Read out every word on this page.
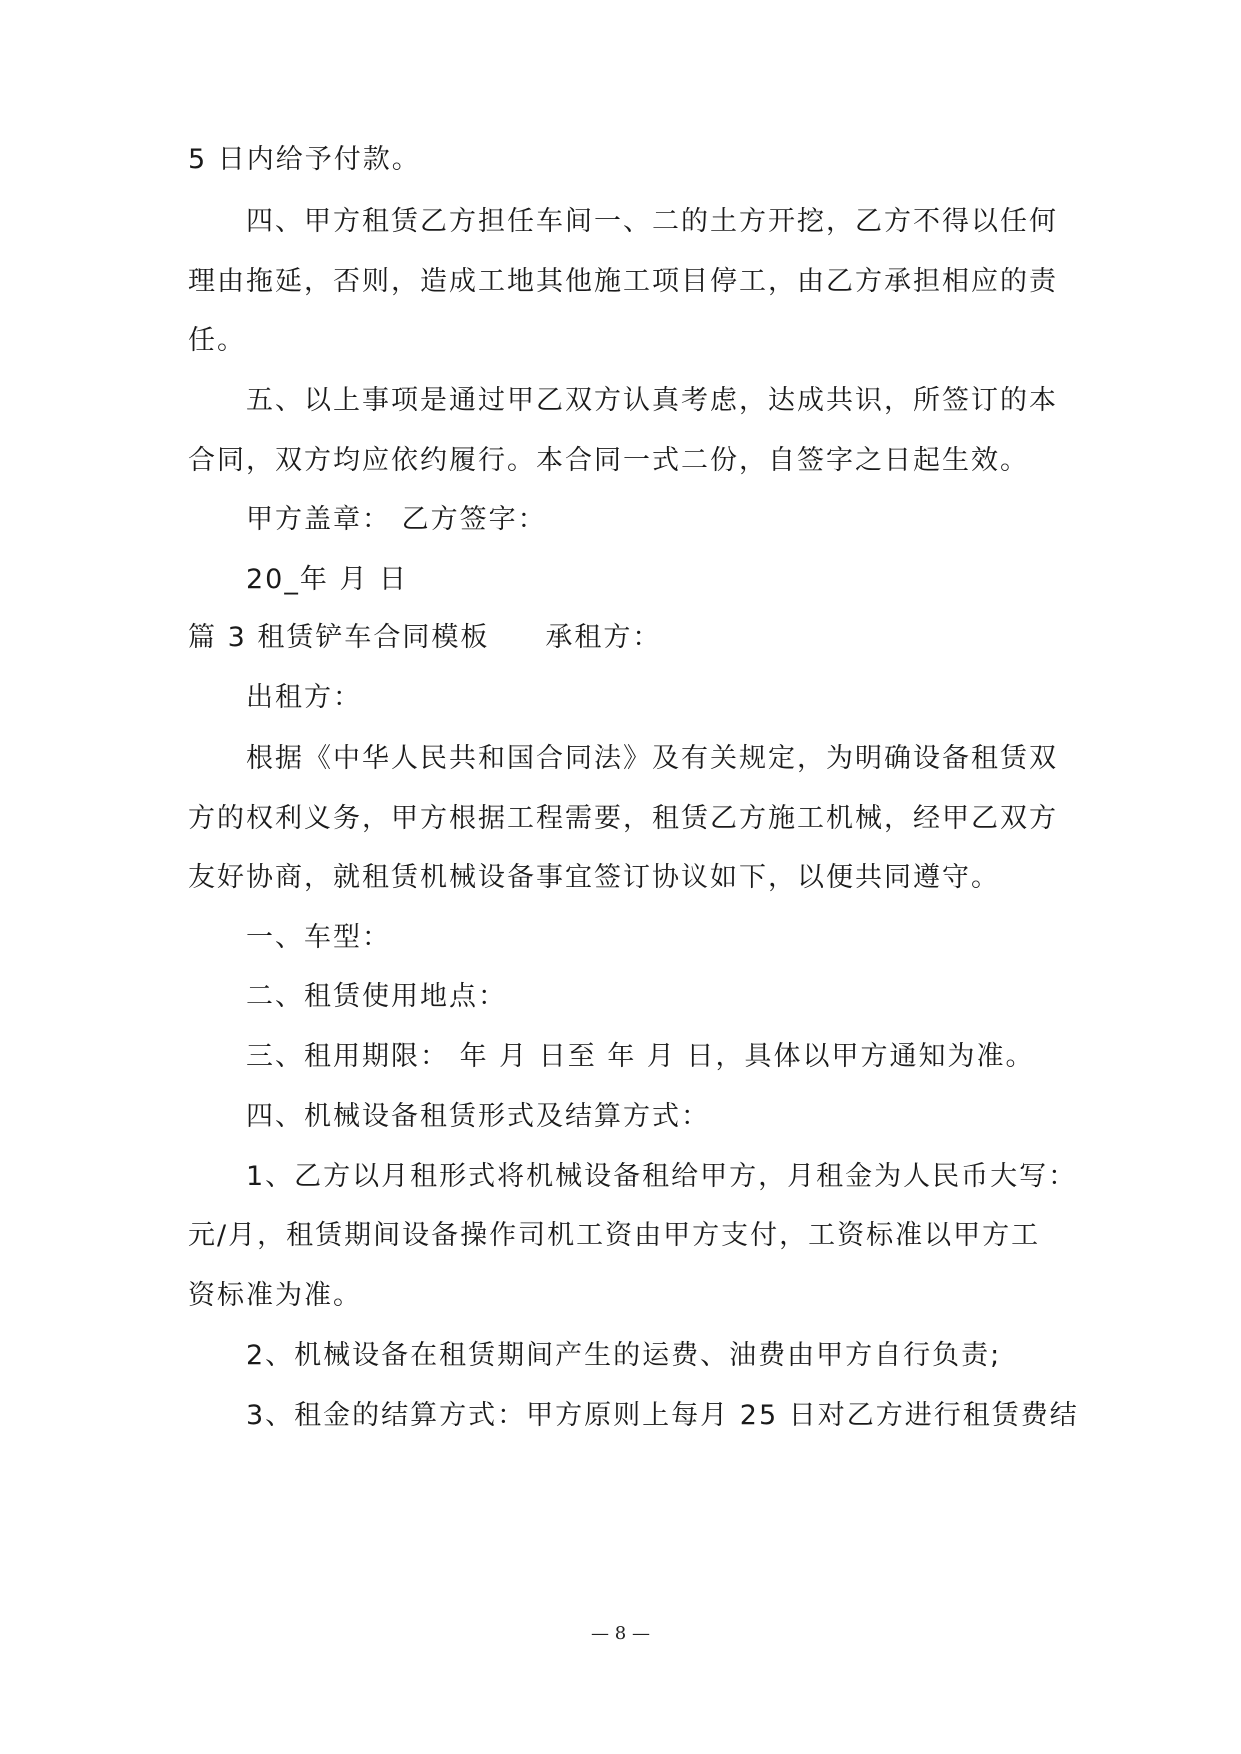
5 日内给予付款。
四、甲方租赁乙方担任车间一、二的土方开挖，乙方不得以任何
理由拖延，否则，造成工地其他施工项目停工，由乙方承担相应的责
任。
五、以上事项是通过甲乙双方认真考虑，达成共识，所签订的本
合同，双方均应依约履行。本合同一式二份，自签字之日起生效。
甲方盖章： 乙方签字：
20_年 月 日
篇 3 租赁铲车合同模板 承租方：
出租方：
根据《中华人民共和国合同法》及有关规定，为明确设备租赁双
方的权利义务，甲方根据工程需要，租赁乙方施工机械，经甲乙双方
友好协商，就租赁机械设备事宜签订协议如下，以便共同遵守。
一、车型：
二、租赁使用地点：
三、租用期限： 年 月 日至 年 月 日，具体以甲方通知为准。
四、机械设备租赁形式及结算方式：
1、乙方以月租形式将机械设备租给甲方，月租金为人民币大写：
元/月，租赁期间设备操作司机工资由甲方支付，工资标准以甲方工
资标准为准。
2、机械设备在租赁期间产生的运费、油费由甲方自行负责;
3、租金的结算方式：甲方原则上每月 25 日对乙方进行租赁费结
— 8 —
